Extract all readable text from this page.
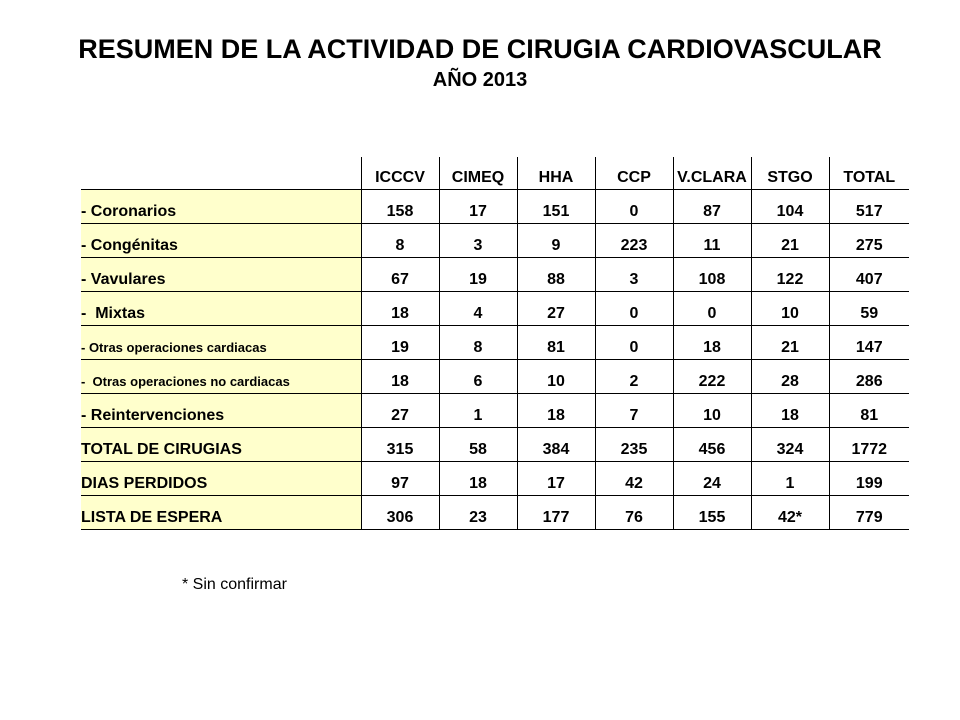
RESUMEN DE LA ACTIVIDAD DE CIRUGIA CARDIOVASCULAR
AÑO 2013
	ICCCV	CIMEQ	HHA	CCP	V.CLARA	STGO	TOTAL
- Coronarios	158	17	151	0	87	104	517
- Congénitas	8	3	9	223	11	21	275
- Vavulares	67	19	88	3	108	122	407
-  Mixtas	18	4	27	0	0	10	59
- Otras operaciones cardiacas	19	8	81	0	18	21	147
-  Otras operaciones no cardiacas	18	6	10	2	222	28	286
- Reintervenciones	27	1	18	7	10	18	81
TOTAL DE CIRUGIAS	315	58	384	235	456	324	1772
DIAS PERDIDOS	97	18	17	42	24	1	199
LISTA DE ESPERA	306	23	177	76	155	42*	779
* Sin confirmar
